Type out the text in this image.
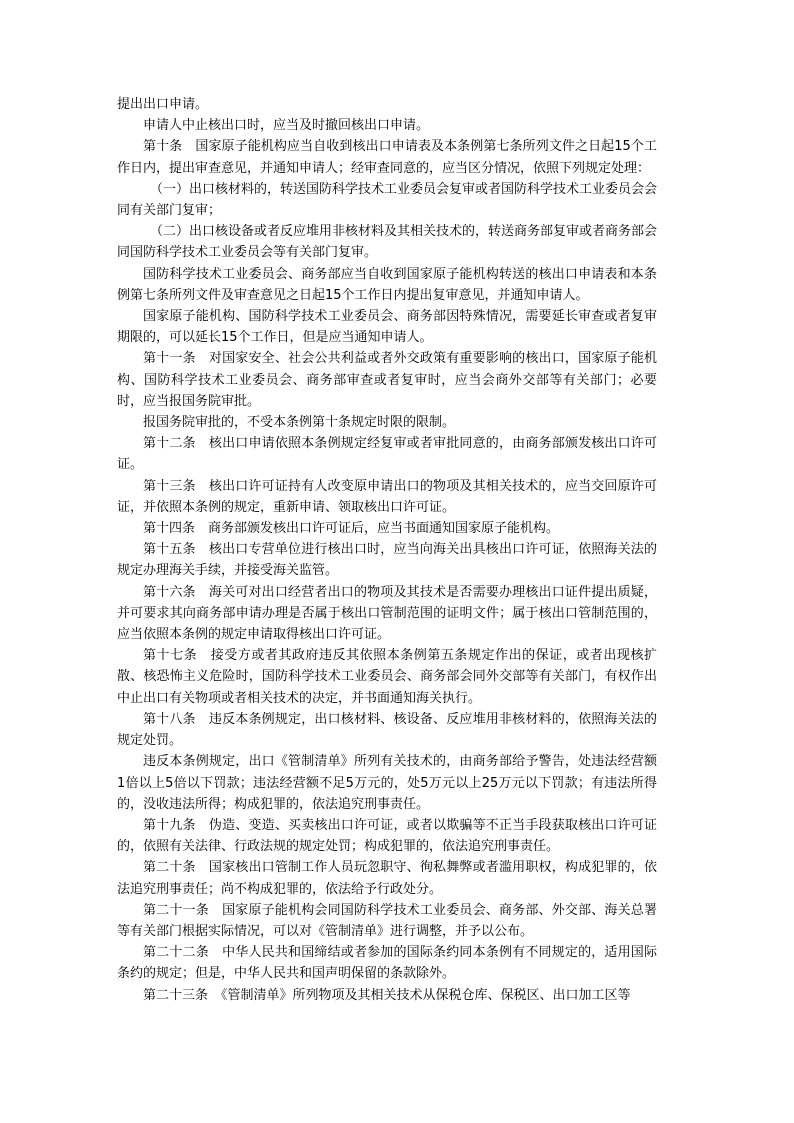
提出出口申请。

申请人中止核出口时，应当及时撤回核出口申请。

第十条　国家原子能机构应当自收到核出口申请表及本条例第七条所列文件之日起15个工作日内，提出审查意见，并通知申请人；经审查同意的，应当区分情况，依照下列规定处理：

（一）出口核材料的，转送国防科学技术工业委员会复审或者国防科学技术工业委员会会同有关部门复审；

（二）出口核设备或者反应堆用非核材料及其相关技术的，转送商务部复审或者商务部会同国防科学技术工业委员会等有关部门复审。

国防科学技术工业委员会、商务部应当自收到国家原子能机构转送的核出口申请表和本条例第七条所列文件及审查意见之日起15个工作日内提出复审意见，并通知申请人。

国家原子能机构、国防科学技术工业委员会、商务部因特殊情况，需要延长审查或者复审期限的，可以延长15个工作日，但是应当通知申请人。

第十一条　对国家安全、社会公共利益或者外交政策有重要影响的核出口，国家原子能机构、国防科学技术工业委员会、商务部审查或者复审时，应当会商外交部等有关部门；必要时，应当报国务院审批。

报国务院审批的，不受本条例第十条规定时限的限制。

第十二条　核出口申请依照本条例规定经复审或者审批同意的，由商务部颁发核出口许可证。

第十三条　核出口许可证持有人改变原申请出口的物项及其相关技术的，应当交回原许可证，并依照本条例的规定，重新申请、领取核出口许可证。

第十四条　商务部颁发核出口许可证后，应当书面通知国家原子能机构。

第十五条　核出口专营单位进行核出口时，应当向海关出具核出口许可证，依照海关法的规定办理海关手续，并接受海关监管。

第十六条　海关可对出口经营者出口的物项及其技术是否需要办理核出口证件提出质疑，并可要求其向商务部申请办理是否属于核出口管制范围的证明文件；属于核出口管制范围的，应当依照本条例的规定申请取得核出口许可证。

第十七条　接受方或者其政府违反其依照本条例第五条规定作出的保证，或者出现核扩散、核恐怖主义危险时，国防科学技术工业委员会、商务部会同外交部等有关部门，有权作出中止出口有关物项或者相关技术的决定，并书面通知海关执行。

第十八条　违反本条例规定，出口核材料、核设备、反应堆用非核材料的，依照海关法的规定处罚。

违反本条例规定，出口《管制清单》所列有关技术的，由商务部给予警告，处违法经营额1倍以上5倍以下罚款；违法经营额不足5万元的，处5万元以上25万元以下罚款；有违法所得的，没收违法所得；构成犯罪的，依法追究刑事责任。

第十九条　伪造、变造、买卖核出口许可证，或者以欺骗等不正当手段获取核出口许可证的，依照有关法律、行政法规的规定处罚；构成犯罪的，依法追究刑事责任。

第二十条　国家核出口管制工作人员玩忽职守、徇私舞弊或者滥用职权，构成犯罪的，依法追究刑事责任；尚不构成犯罪的，依法给予行政处分。

第二十一条　国家原子能机构会同国防科学技术工业委员会、商务部、外交部、海关总署等有关部门根据实际情况，可以对《管制清单》进行调整，并予以公布。

第二十二条　中华人民共和国缔结或者参加的国际条约同本条例有不同规定的，适用国际条约的规定；但是，中华人民共和国声明保留的条款除外。

第二十三条　《管制清单》所列物项及其相关技术从保税仓库、保税区、出口加工区等
